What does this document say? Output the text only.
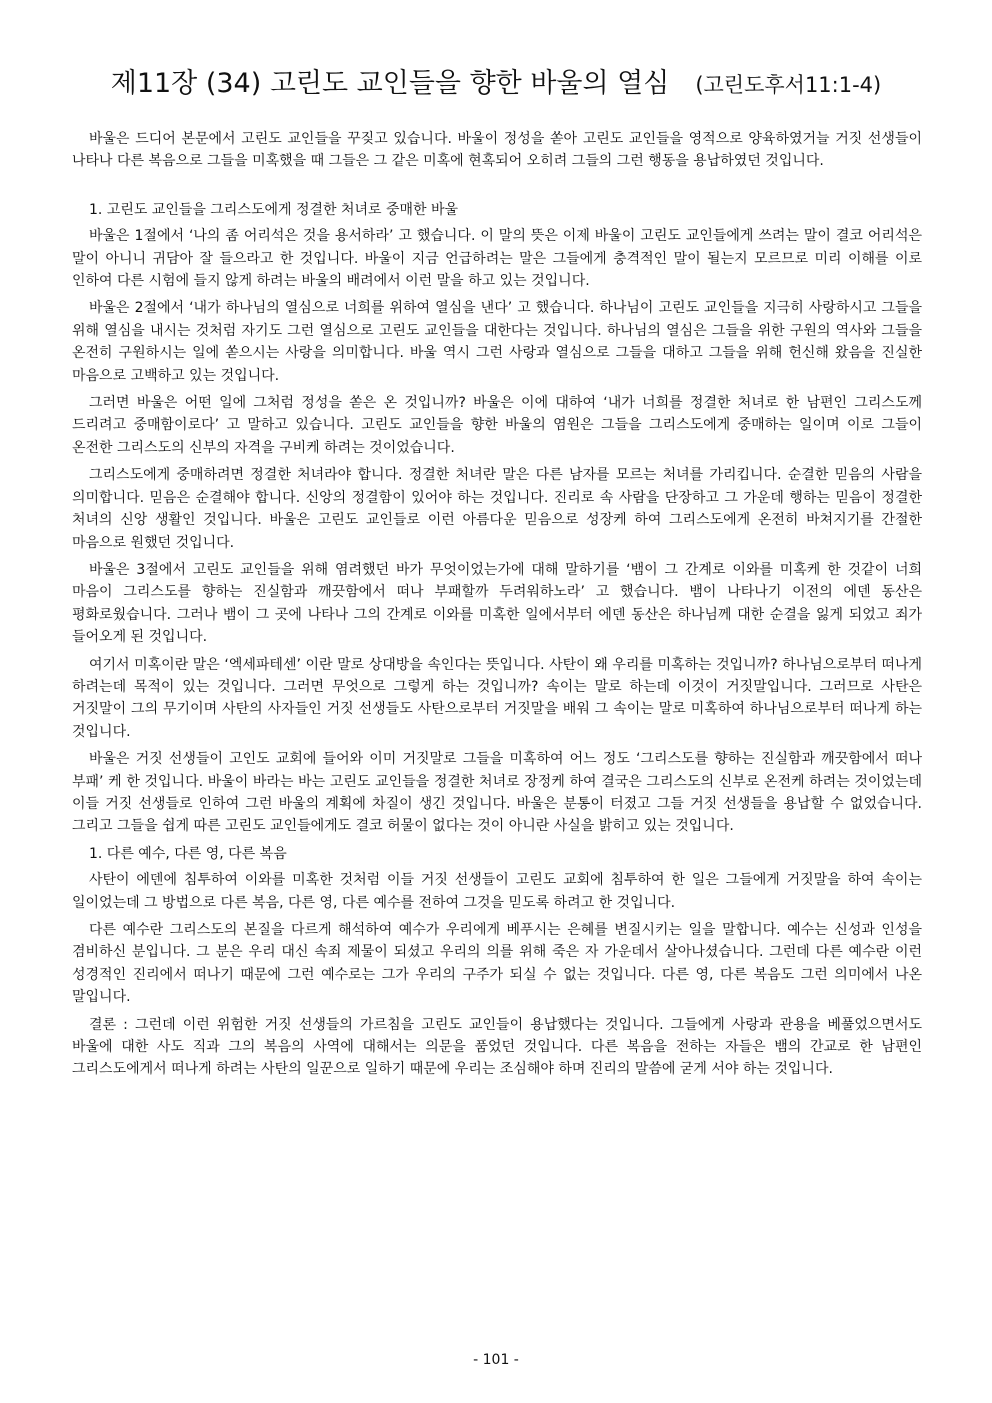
제11장 (34) 고린도 교인들을 향한 바울의 열심 (고린도후서11:1-4)

바울은 드디어 본문에서 고린도 교인들을 꾸짖고 있습니다. 바울이 정성을 쏟아 고린도 교인들을 영적으로 양육하였거늘 거짓 선생들이 나타나 다른 복음으로 그들을 미혹했을 때 그들은 그 같은 미혹에 현혹되어 오히려 그들의 그런 행동을 용납하였던 것입니다.

1. 고린도 교인들을 그리스도에게 정결한 처녀로 중매한 바울

바울은 1절에서 ‘나의 좀 어리석은 것을 용서하라’ 고 했습니다. 이 말의 뜻은 이제 바울이 고린도 교인들에게 쓰려는 말이 결코 어리석은 말이 아니니 귀담아 잘 들으라고 한 것입니다. 바울이 지금 언급하려는 말은 그들에게 충격적인 말이 될는지 모르므로 미리 이해를 이로 인하여 다른 시험에 들지 않게 하려는 바울의 배려에서 이런 말을 하고 있는 것입니다.

바울은 2절에서 ‘내가 하나님의 열심으로 너희를 위하여 열심을 낸다’ 고 했습니다. 하나님이 고린도 교인들을 지극히 사랑하시고 그들을 위해 열심을 내시는 것처럼 자기도 그런 열심으로 고린도 교인들을 대한다는 것입니다. 하나님의 열심은 그들을 위한 구원의 역사와 그들을 온전히 구원하시는 일에 쏟으시는 사랑을 의미합니다. 바울 역시 그런 사랑과 열심으로 그들을 대하고 그들을 위해 헌신해 왔음을 진실한 마음으로 고백하고 있는 것입니다.

그러면 바울은 어떤 일에 그처럼 정성을 쏟은 온 것입니까? 바울은 이에 대하여 ‘내가 너희를 정결한 처녀로 한 남편인 그리스도께 드리려고 중매함이로다’ 고 말하고 있습니다. 고린도 교인들을 향한 바울의 염원은 그들을 그리스도에게 중매하는 일이며 이로 그들이 온전한 그리스도의 신부의 자격을 구비케 하려는 것이었습니다.

그리스도에게 중매하려면 정결한 처녀라야 합니다. 정결한 처녀란 말은 다른 남자를 모르는 처녀를 가리킵니다. 순결한 믿음의 사람을 의미합니다. 믿음은 순결해야 합니다. 신앙의 정결함이 있어야 하는 것입니다. 진리로 속 사람을 단장하고 그 가운데 행하는 믿음이 정결한 처녀의 신앙 생활인 것입니다. 바울은 고린도 교인들로 이런 아름다운 믿음으로 성장케 하여 그리스도에게 온전히 바쳐지기를 간절한 마음으로 원했던 것입니다.

바울은 3절에서 고린도 교인들을 위해 염려했던 바가 무엇이었는가에 대해 말하기를 ‘뱀이 그 간계로 이와를 미혹케 한 것같이 너희 마음이 그리스도를 향하는 진실함과 깨끗함에서 떠나 부패할까 두려워하노라’ 고 했습니다. 뱀이 나타나기 이전의 에덴 동산은 평화로웠습니다. 그러나 뱀이 그 곳에 나타나 그의 간계로 이와를 미혹한 일에서부터 에덴 동산은 하나님께 대한 순결을 잃게 되었고 죄가 들어오게 된 것입니다.

여기서 미혹이란 말은 ‘엑세파테센’ 이란 말로 상대방을 속인다는 뜻입니다. 사탄이 왜 우리를 미혹하는 것입니까? 하나님으로부터 떠나게 하려는데 목적이 있는 것입니다. 그러면 무엇으로 그렇게 하는 것입니까? 속이는 말로 하는데 이것이 거짓말입니다. 그러므로 사탄은 거짓말이 그의 무기이며 사탄의 사자들인 거짓 선생들도 사탄으로부터 거짓말을 배워 그 속이는 말로 미혹하여 하나님으로부터 떠나게 하는 것입니다.

바울은 거짓 선생들이 고인도 교회에 들어와 이미 거짓말로 그들을 미혹하여 어느 정도 ‘그리스도를 향하는 진실함과 깨끗함에서 떠나 부패’ 케 한 것입니다. 바울이 바라는 바는 고린도 교인들을 정결한 처녀로 장정케 하여 결국은 그리스도의 신부로 온전케 하려는 것이었는데 이들 거짓 선생들로 인하여 그런 바울의 계획에 차질이 생긴 것입니다. 바울은 분통이 터졌고 그들 거짓 선생들을 용납할 수 없었습니다. 그리고 그들을 쉽게 따른 고린도 교인들에게도 결코 허물이 없다는 것이 아니란 사실을 밝히고 있는 것입니다.

1. 다른 예수, 다른 영, 다른 복음

사탄이 에덴에 침투하여 이와를 미혹한 것처럼 이들 거짓 선생들이 고린도 교회에 침투하여 한 일은 그들에게 거짓말을 하여 속이는 일이었는데 그 방법으로 다른 복음, 다른 영, 다른 예수를 전하여 그것을 믿도록 하려고 한 것입니다.

다른 예수란 그리스도의 본질을 다르게 해석하여 예수가 우리에게 베푸시는 은혜를 변질시키는 일을 말합니다. 예수는 신성과 인성을 겸비하신 분입니다. 그 분은 우리 대신 속죄 제물이 되셨고 우리의 의를 위해 죽은 자 가운데서 살아나셨습니다. 그런데 다른 예수란 이런 성경적인 진리에서 떠나기 때문에 그런 예수로는 그가 우리의 구주가 되실 수 없는 것입니다. 다른 영, 다른 복음도 그런 의미에서 나온 말입니다.

결론 : 그런데 이런 위험한 거짓 선생들의 가르침을 고린도 교인들이 용납했다는 것입니다. 그들에게 사랑과 관용을 베풀었으면서도 바울에 대한 사도 직과 그의 복음의 사역에 대해서는 의문을 품었던 것입니다. 다른 복음을 전하는 자들은 뱀의 간교로 한 남편인 그리스도에게서 떠나게 하려는 사탄의 일꾼으로 일하기 때문에 우리는 조심해야 하며 진리의 말씀에 굳게 서야 하는 것입니다.

- 101 -
